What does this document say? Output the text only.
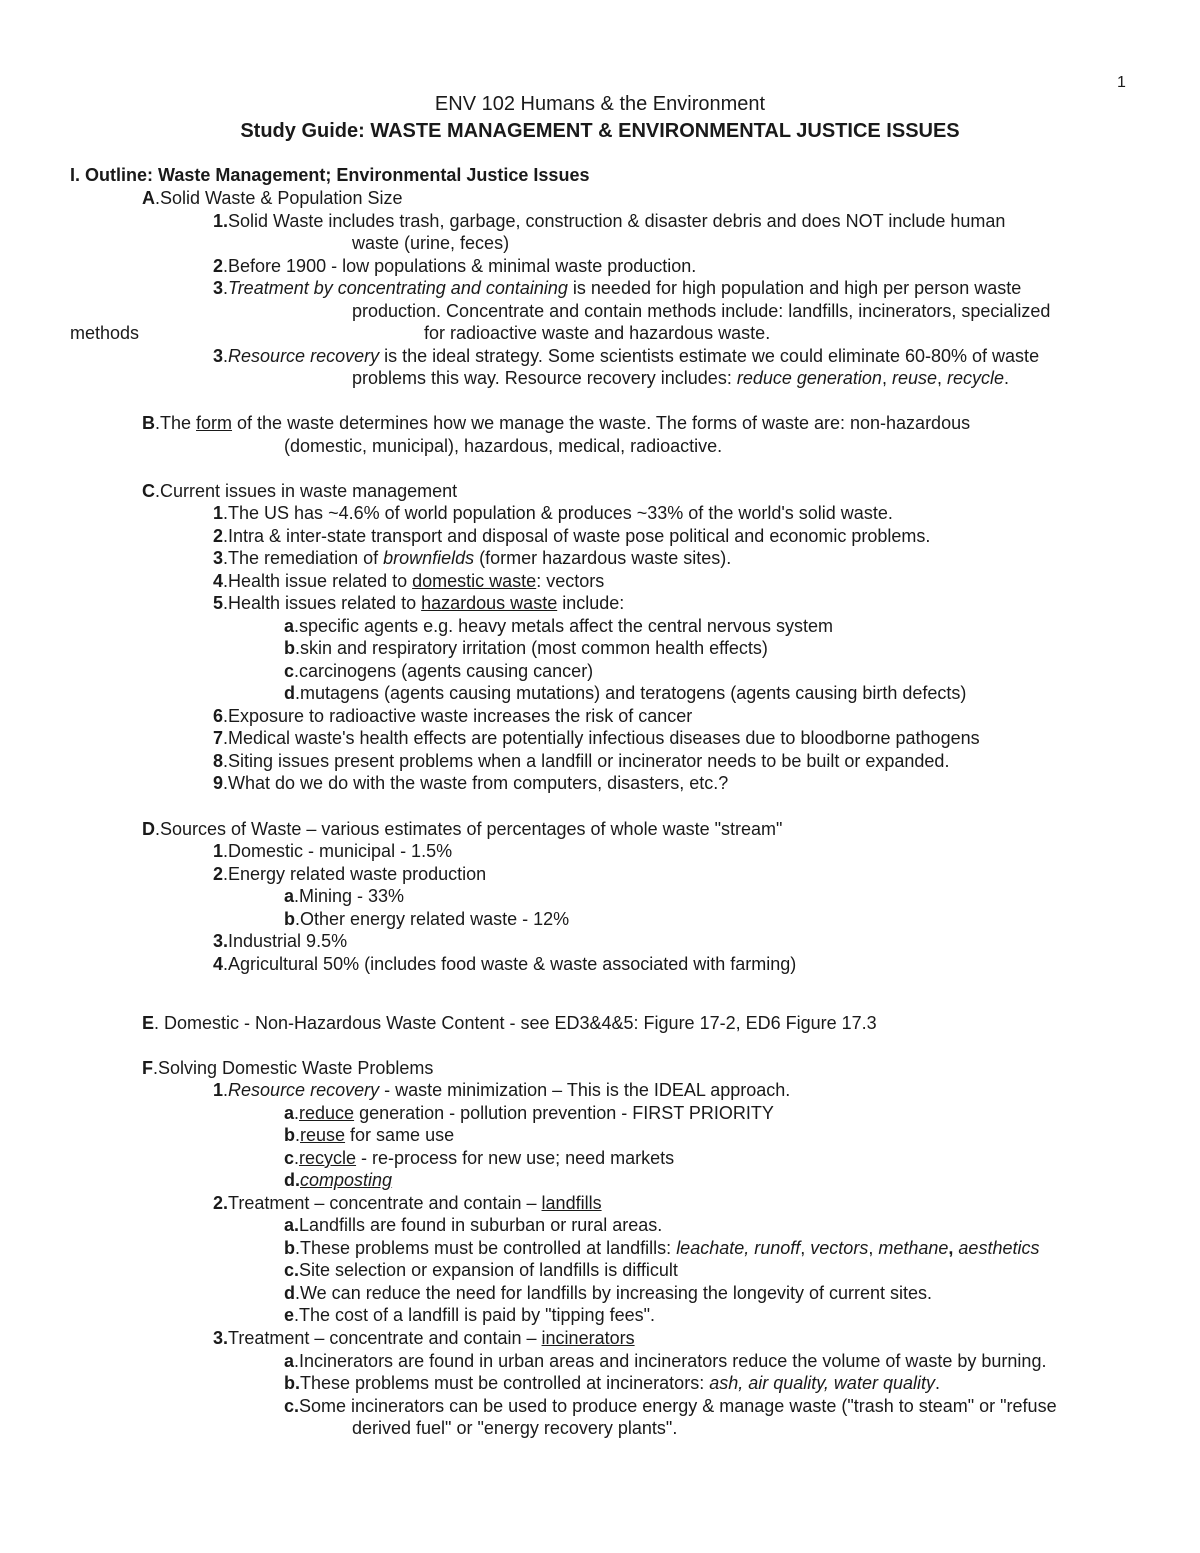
1
ENV 102 Humans & the Environment
Study Guide: WASTE MANAGEMENT & ENVIRONMENTAL JUSTICE ISSUES
I. Outline: Waste Management; Environmental Justice Issues
A.Solid Waste & Population Size
1.Solid Waste includes trash, garbage, construction & disaster debris and does NOT include human
waste (urine, feces)
2.Before 1900 - low populations & minimal waste production.
3.Treatment by concentrating and containing is needed for high population and high per person waste
production. Concentrate and contain methods include: landfills, incinerators, specialized
methods	for radioactive waste and hazardous waste.
3.Resource recovery is the ideal strategy. Some scientists estimate we could eliminate 60-80% of waste
problems this way. Resource recovery includes: reduce generation, reuse, recycle.
B.The form of the waste determines how we manage the waste. The forms of waste are: non-hazardous
(domestic, municipal), hazardous, medical, radioactive.
C.Current issues in waste management
1.The US has ~4.6% of world population & produces ~33% of the world's solid waste.
2.Intra & inter-state transport and disposal of waste pose political and economic problems.
3.The remediation of brownfields (former hazardous waste sites).
4.Health issue related to domestic waste: vectors
5.Health issues related to hazardous waste include:
a.specific agents e.g. heavy metals affect the central nervous system
b.skin and respiratory irritation (most common health effects)
c.carcinogens (agents causing cancer)
d.mutagens (agents causing mutations) and teratogens (agents causing birth defects)
6.Exposure to radioactive waste increases the risk of cancer
7.Medical waste's health effects are potentially infectious diseases due to bloodborne pathogens
8.Siting issues present problems when a landfill or incinerator needs to be built or expanded.
9.What do we do with the waste from computers, disasters, etc.?
D.Sources of Waste – various estimates of percentages of whole waste "stream"
1.Domestic - municipal - 1.5%
2.Energy related waste production
a.Mining - 33%
b.Other energy related waste - 12%
3.Industrial 9.5%
4.Agricultural 50% (includes food waste & waste associated with farming)
E. Domestic - Non-Hazardous Waste Content - see ED3&4&5: Figure 17-2, ED6 Figure 17.3
F.Solving Domestic Waste Problems
1.Resource recovery - waste minimization – This is the IDEAL approach.
a.reduce generation - pollution prevention - FIRST PRIORITY
b.reuse for same use
c.recycle - re-process for new use; need markets
d.composting
2.Treatment – concentrate and contain – landfills
a.Landfills are found in suburban or rural areas.
b.These problems must be controlled at landfills: leachate, runoff, vectors, methane, aesthetics
c.Site selection or expansion of landfills is difficult
d.We can reduce the need for landfills by increasing the longevity of current sites.
e.The cost of a landfill is paid by "tipping fees".
3.Treatment – concentrate and contain – incinerators
a.Incinerators are found in urban areas and incinerators reduce the volume of waste by burning.
b.These problems must be controlled at incinerators: ash, air quality, water quality.
c.Some incinerators can be used to produce energy & manage waste ("trash to steam" or "refuse
derived fuel" or "energy recovery plants".
